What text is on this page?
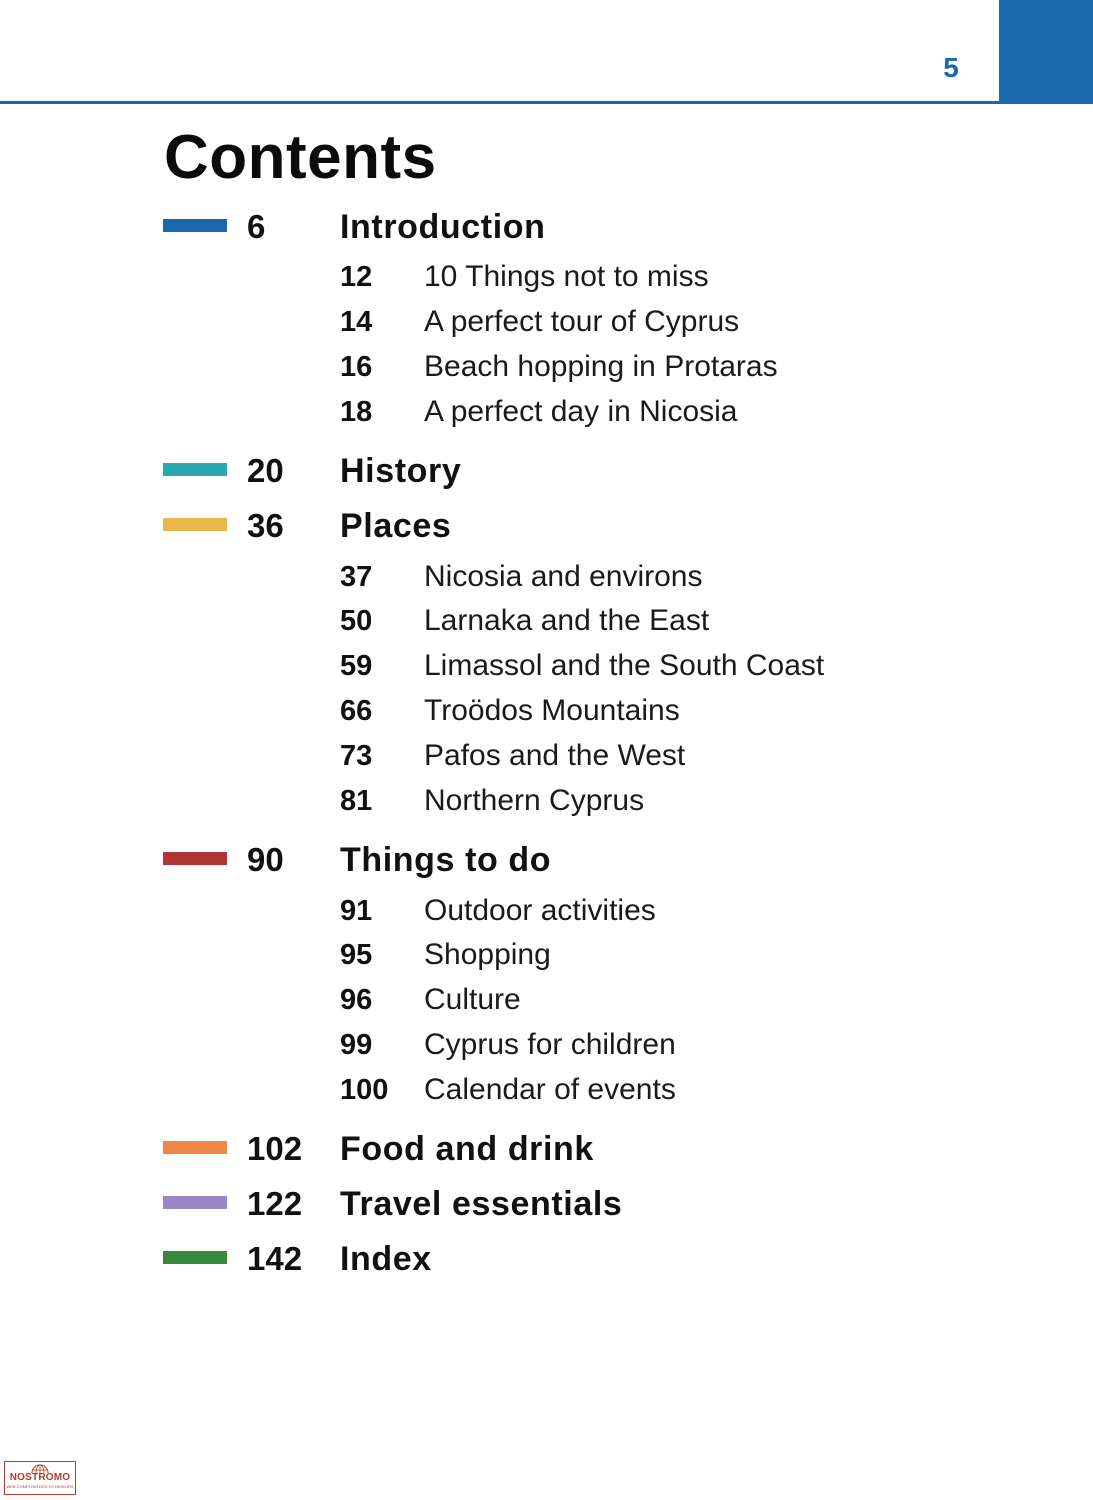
5
Contents
6 Introduction
12 10 Things not to miss
14 A perfect tour of Cyprus
16 Beach hopping in Protaras
18 A perfect day in Nicosia
20 History
36 Places
37 Nicosia and environs
50 Larnaka and the East
59 Limassol and the South Coast
66 Troödos Mountains
73 Pafos and the West
81 Northern Cyprus
90 Things to do
91 Outdoor activities
95 Shopping
96 Culture
99 Cyprus for children
100 Calendar of events
102 Food and drink
122 Travel essentials
142 Index
NOSTROMO
WEB COMPTOIR DES VOYAGEURS
